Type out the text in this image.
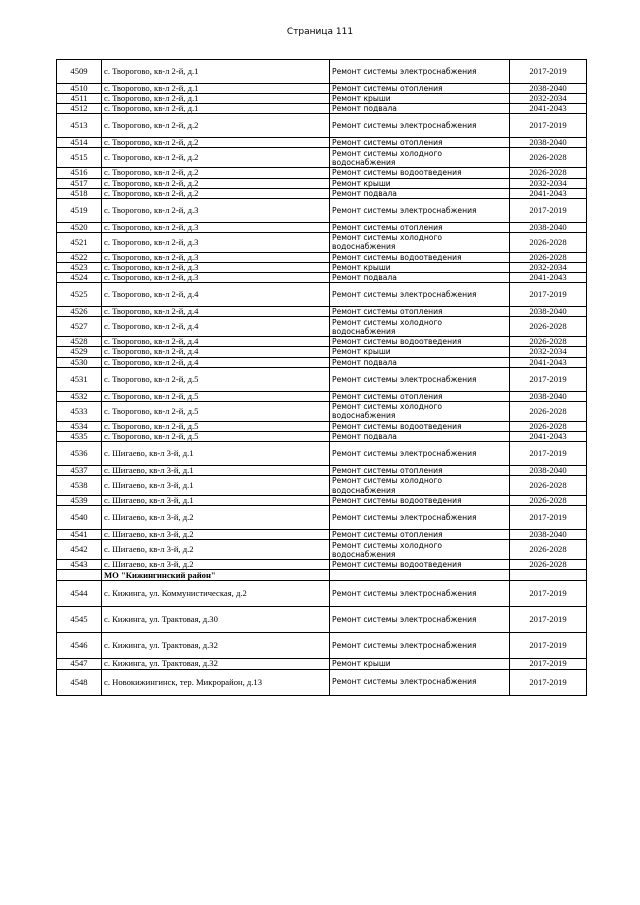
Страница 111
4509	с. Творогово, кв-л 2-й, д.1	Ремонт системы электроснабжения	2017-2019
4510	с. Творогово, кв-л 2-й, д.1	Ремонт системы отопления	2038-2040
4511	с. Творогово, кв-л 2-й, д.1	Ремонт крыши	2032-2034
4512	с. Творогово, кв-л 2-й, д.1	Ремонт подвала	2041-2043
4513	с. Творогово, кв-л 2-й, д.2	Ремонт системы электроснабжения	2017-2019
4514	с. Творогово, кв-л 2-й, д.2	Ремонт системы отопления	2038-2040
4515	с. Творогово, кв-л 2-й, д.2	Ремонт системы холодного водоснабжения	2026-2028
4516	с. Творогово, кв-л 2-й, д.2	Ремонт системы водоотведения	2026-2028
4517	с. Творогово, кв-л 2-й, д.2	Ремонт крыши	2032-2034
4518	с. Творогово, кв-л 2-й, д.2	Ремонт подвала	2041-2043
4519	с. Творогово, кв-л 2-й, д.3	Ремонт системы электроснабжения	2017-2019
4520	с. Творогово, кв-л 2-й, д.3	Ремонт системы отопления	2038-2040
4521	с. Творогово, кв-л 2-й, д.3	Ремонт системы холодного водоснабжения	2026-2028
4522	с. Творогово, кв-л 2-й, д.3	Ремонт системы водоотведения	2026-2028
4523	с. Творогово, кв-л 2-й, д.3	Ремонт крыши	2032-2034
4524	с. Творогово, кв-л 2-й, д.3	Ремонт подвала	2041-2043
4525	с. Творогово, кв-л 2-й, д.4	Ремонт системы электроснабжения	2017-2019
4526	с. Творогово, кв-л 2-й, д.4	Ремонт системы отопления	2038-2040
4527	с. Творогово, кв-л 2-й, д.4	Ремонт системы холодного водоснабжения	2026-2028
4528	с. Творогово, кв-л 2-й, д.4	Ремонт системы водоотведения	2026-2028
4529	с. Творогово, кв-л 2-й, д.4	Ремонт крыши	2032-2034
4530	с. Творогово, кв-л 2-й, д.4	Ремонт подвала	2041-2043
4531	с. Творогово, кв-л 2-й, д.5	Ремонт системы электроснабжения	2017-2019
4532	с. Творогово, кв-л 2-й, д.5	Ремонт системы отопления	2038-2040
4533	с. Творогово, кв-л 2-й, д.5	Ремонт системы холодного водоснабжения	2026-2028
4534	с. Творогово, кв-л 2-й, д.5	Ремонт системы водоотведения	2026-2028
4535	с. Творогово, кв-л 2-й, д.5	Ремонт подвала	2041-2043
4536	с. Шигаево, кв-л 3-й, д.1	Ремонт системы электроснабжения	2017-2019
4537	с. Шигаево, кв-л 3-й, д.1	Ремонт системы отопления	2038-2040
4538	с. Шигаево, кв-л 3-й, д.1	Ремонт системы холодного водоснабжения	2026-2028
4539	с. Шигаево, кв-л 3-й, д.1	Ремонт системы водоотведения	2026-2028
4540	с. Шигаево, кв-л 3-й, д.2	Ремонт системы электроснабжения	2017-2019
4541	с. Шигаево, кв-л 3-й, д.2	Ремонт системы отопления	2038-2040
4542	с. Шигаево, кв-л 3-й, д.2	Ремонт системы холодного водоснабжения	2026-2028
4543	с. Шигаево, кв-л 3-й, д.2	Ремонт системы водоотведения	2026-2028
	МО "Кижингинский район"		
4544	с. Кижинга, ул. Коммунистическая, д.2	Ремонт системы электроснабжения	2017-2019
4545	с. Кижинга, ул. Трактовая, д.30	Ремонт системы электроснабжения	2017-2019
4546	с. Кижинга, ул. Трактовая, д.32	Ремонт системы электроснабжения	2017-2019
4547	с. Кижинга, ул. Трактовая, д.32	Ремонт крыши	2017-2019
4548	с. Новокижингинск, тер. Микрорайон, д.13	Ремонт системы электроснабжения	2017-2019
